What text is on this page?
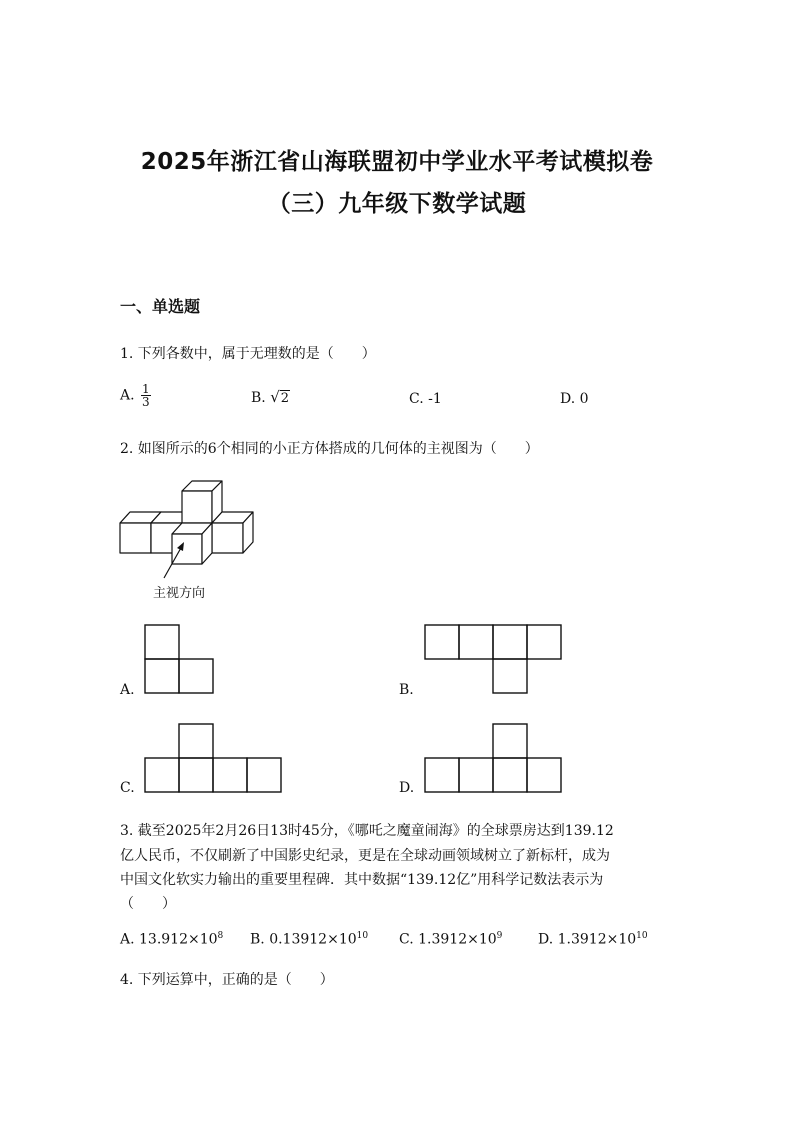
2025年浙江省山海联盟初中学业水平考试模拟卷
（三）九年级下数学试题
一、单选题
1. 下列各数中，属于无理数的是（　　）
A. $\frac{1}{3}$	B. √2	C. -1	D. 0
2. 如图所示的6个相同的小正方体搭成的几何体的主视图为（　　）
主视方向
A.	B.
C.	D.
3. 截至2025年2月26日13时45分，《哪吒之魔童闹海》的全球票房达到139.12
亿人民币，不仅刷新了中国影史纪录，更是在全球动画领域树立了新标杆，成为
中国文化软实力输出的重要里程碑．其中数据“139.12亿”用科学记数法表示为
（　　）
A. $13.912\times 10^8$ B. $0.13912\times 10^{10}$ C. $1.3912\times 10^9$	D. $1.3912\times 10^{10}$
4. 下列运算中，正确的是（　　）
